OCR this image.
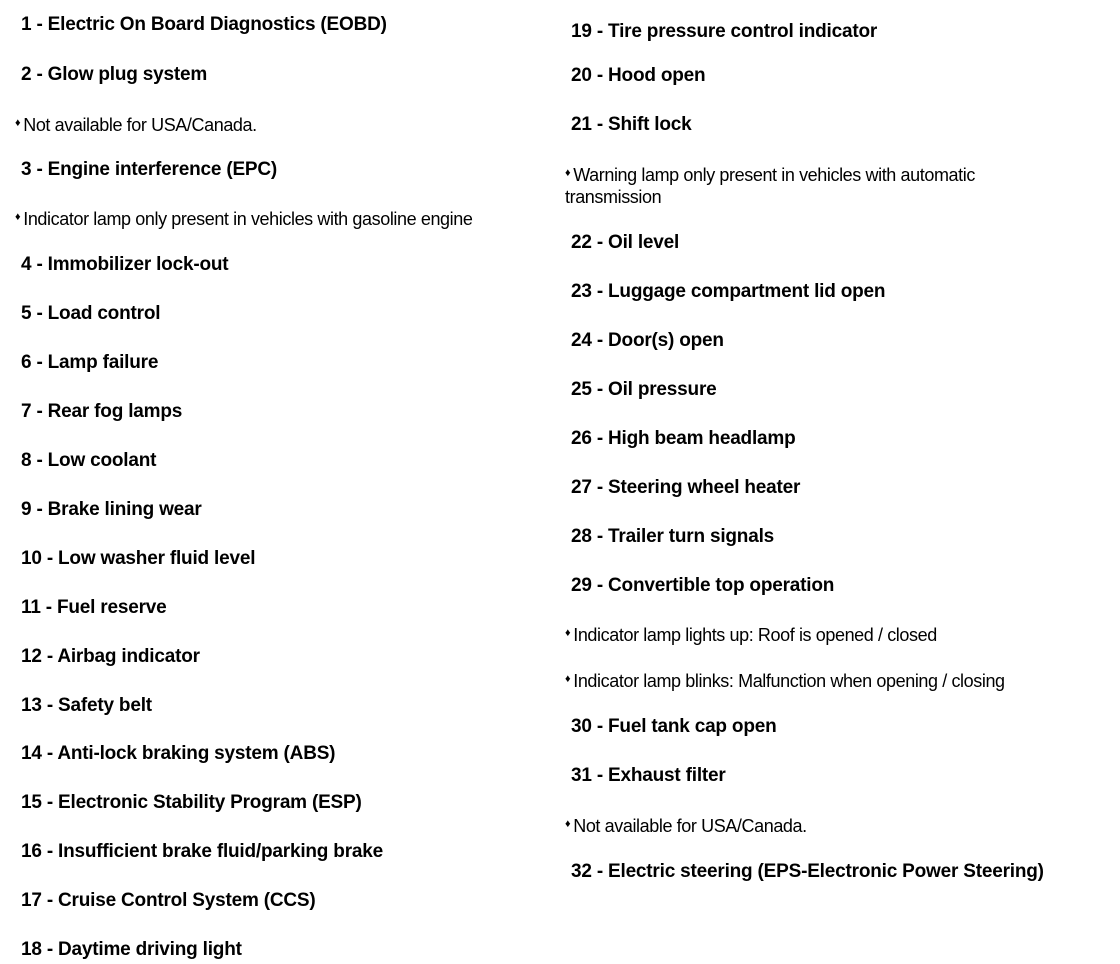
1 - Electric On Board Diagnostics (EOBD)
2 - Glow plug system
♦ Not available for USA/Canada.
3 - Engine interference (EPC)
♦ Indicator lamp only present in vehicles with gasoline engine
4 - Immobilizer lock-out
5 - Load control
6 - Lamp failure
7 - Rear fog lamps
8 - Low coolant
9 - Brake lining wear
10 - Low washer fluid level
11 - Fuel reserve
12 - Airbag indicator
13 - Safety belt
14 - Anti-lock braking system (ABS)
15 - Electronic Stability Program (ESP)
16 - Insufficient brake fluid/parking brake
17 - Cruise Control System (CCS)
18 - Daytime driving light
19 - Tire pressure control indicator
20 - Hood open
21 - Shift lock
♦ Warning lamp only present in vehicles with automatic transmission
22 - Oil level
23 - Luggage compartment lid open
24 - Door(s) open
25 - Oil pressure
26 - High beam headlamp
27 - Steering wheel heater
28 - Trailer turn signals
29 - Convertible top operation
♦ Indicator lamp lights up: Roof is opened / closed
♦ Indicator lamp blinks: Malfunction when opening / closing
30 - Fuel tank cap open
31 - Exhaust filter
♦ Not available for USA/Canada.
32 - Electric steering (EPS-Electronic Power Steering)
